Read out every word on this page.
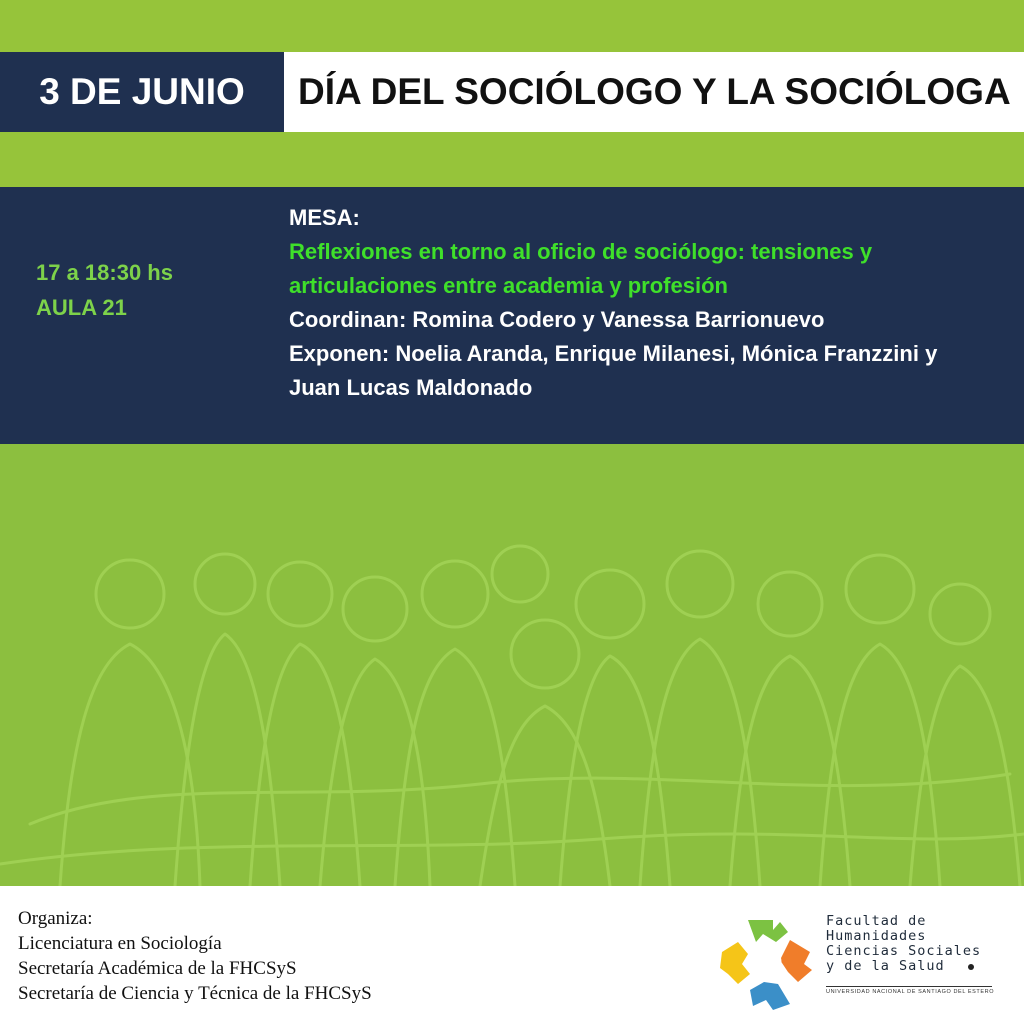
3 DE JUNIO	DÍA DEL SOCIÓLOGO Y LA SOCIÓLOGA
17 a 18:30 hs
AULA 21
MESA:
Reflexiones en torno al oficio de sociólogo: tensiones y
articulaciones entre academia y profesión
Coordinan: Romina Codero y Vanessa Barrionuevo
Exponen: Noelia Aranda, Enrique Milanesi, Mónica Franzzini y
Juan Lucas Maldonado
Organiza:
Licenciatura en Sociología
Secretaría Académica de la FHCSyS
Secretaría de Ciencia y Técnica de la FHCSyS
Facultad de
Humanidades
Ciencias Sociales
y de la Salud
UNIVERSIDAD NACIONAL DE SANTIAGO DEL ESTERO
